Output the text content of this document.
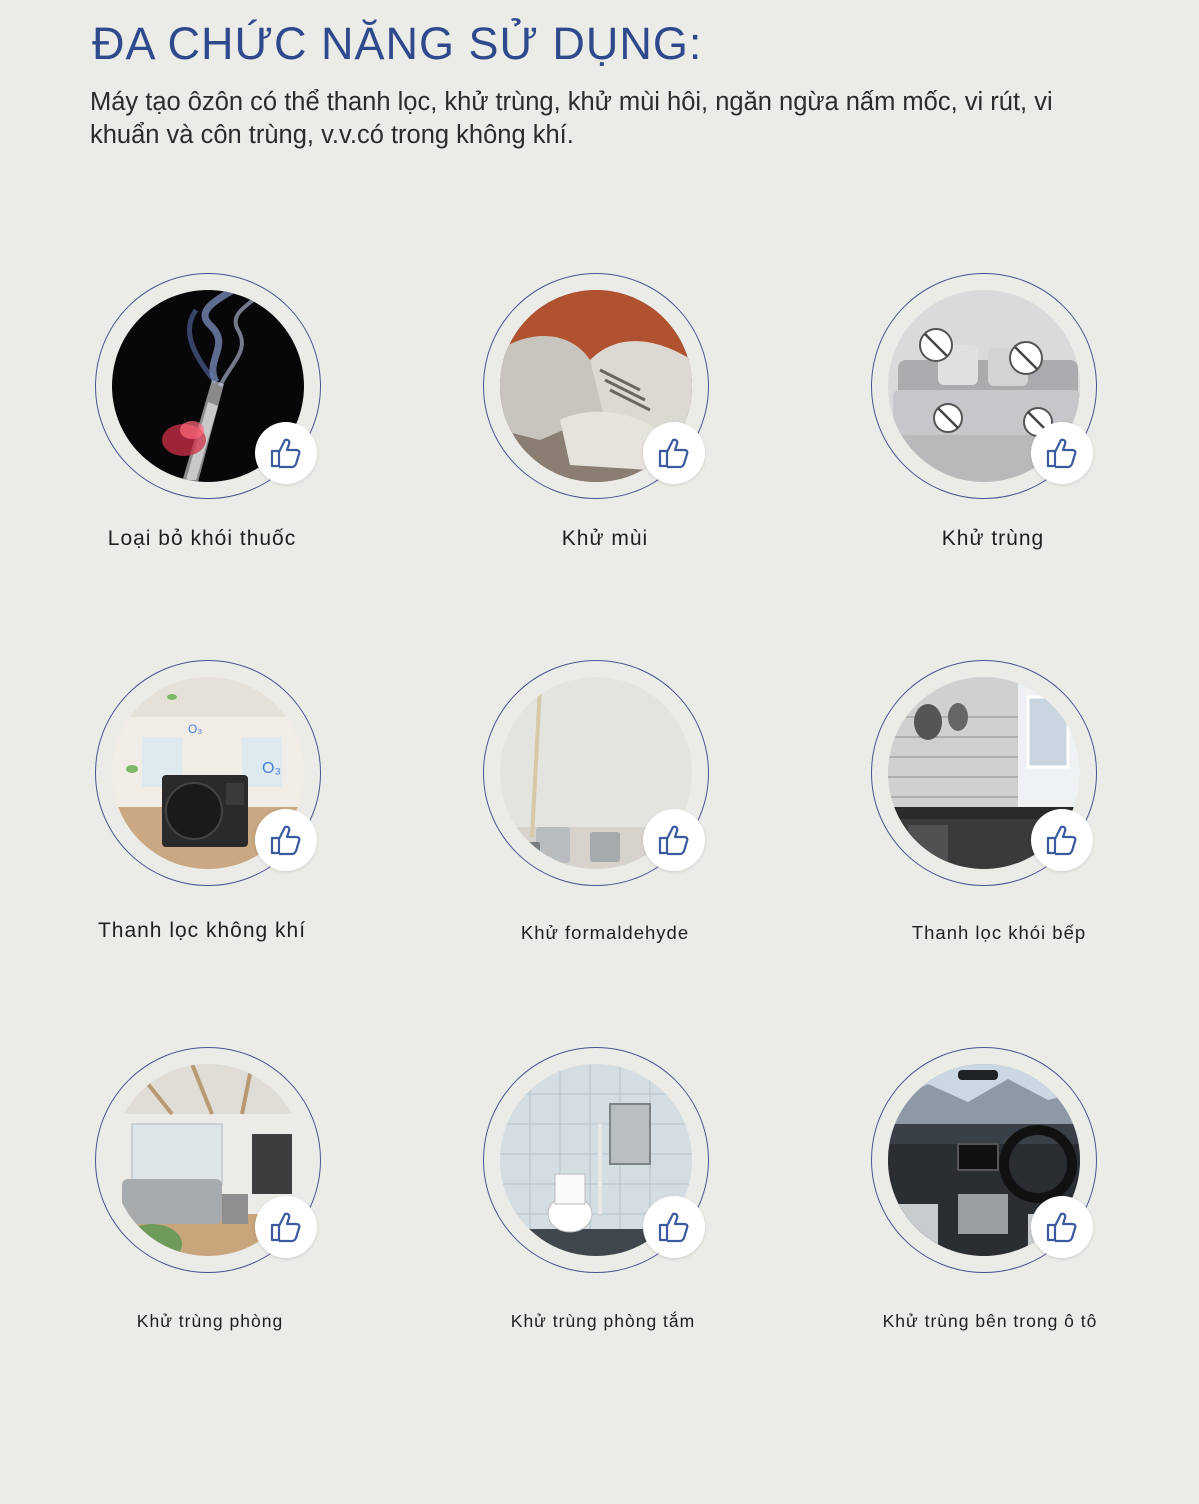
ĐA CHỨC NĂNG SỬ DỤNG:

Máy tạo ôzôn có thể thanh lọc, khử trùng, khử mùi hôi, ngăn ngừa nấm mốc, vi rút, vi khuẩn và côn trùng, v.v.có trong không khí.

Loại bỏ khói thuốc	Khử mùi	Khử trùng
O₃
O₃
Thanh lọc không khí	Khử formaldehyde	Thanh lọc khói bếp
Khử trùng phòng	Khử trùng phòng tắm	Khử trùng bên trong ô tô
